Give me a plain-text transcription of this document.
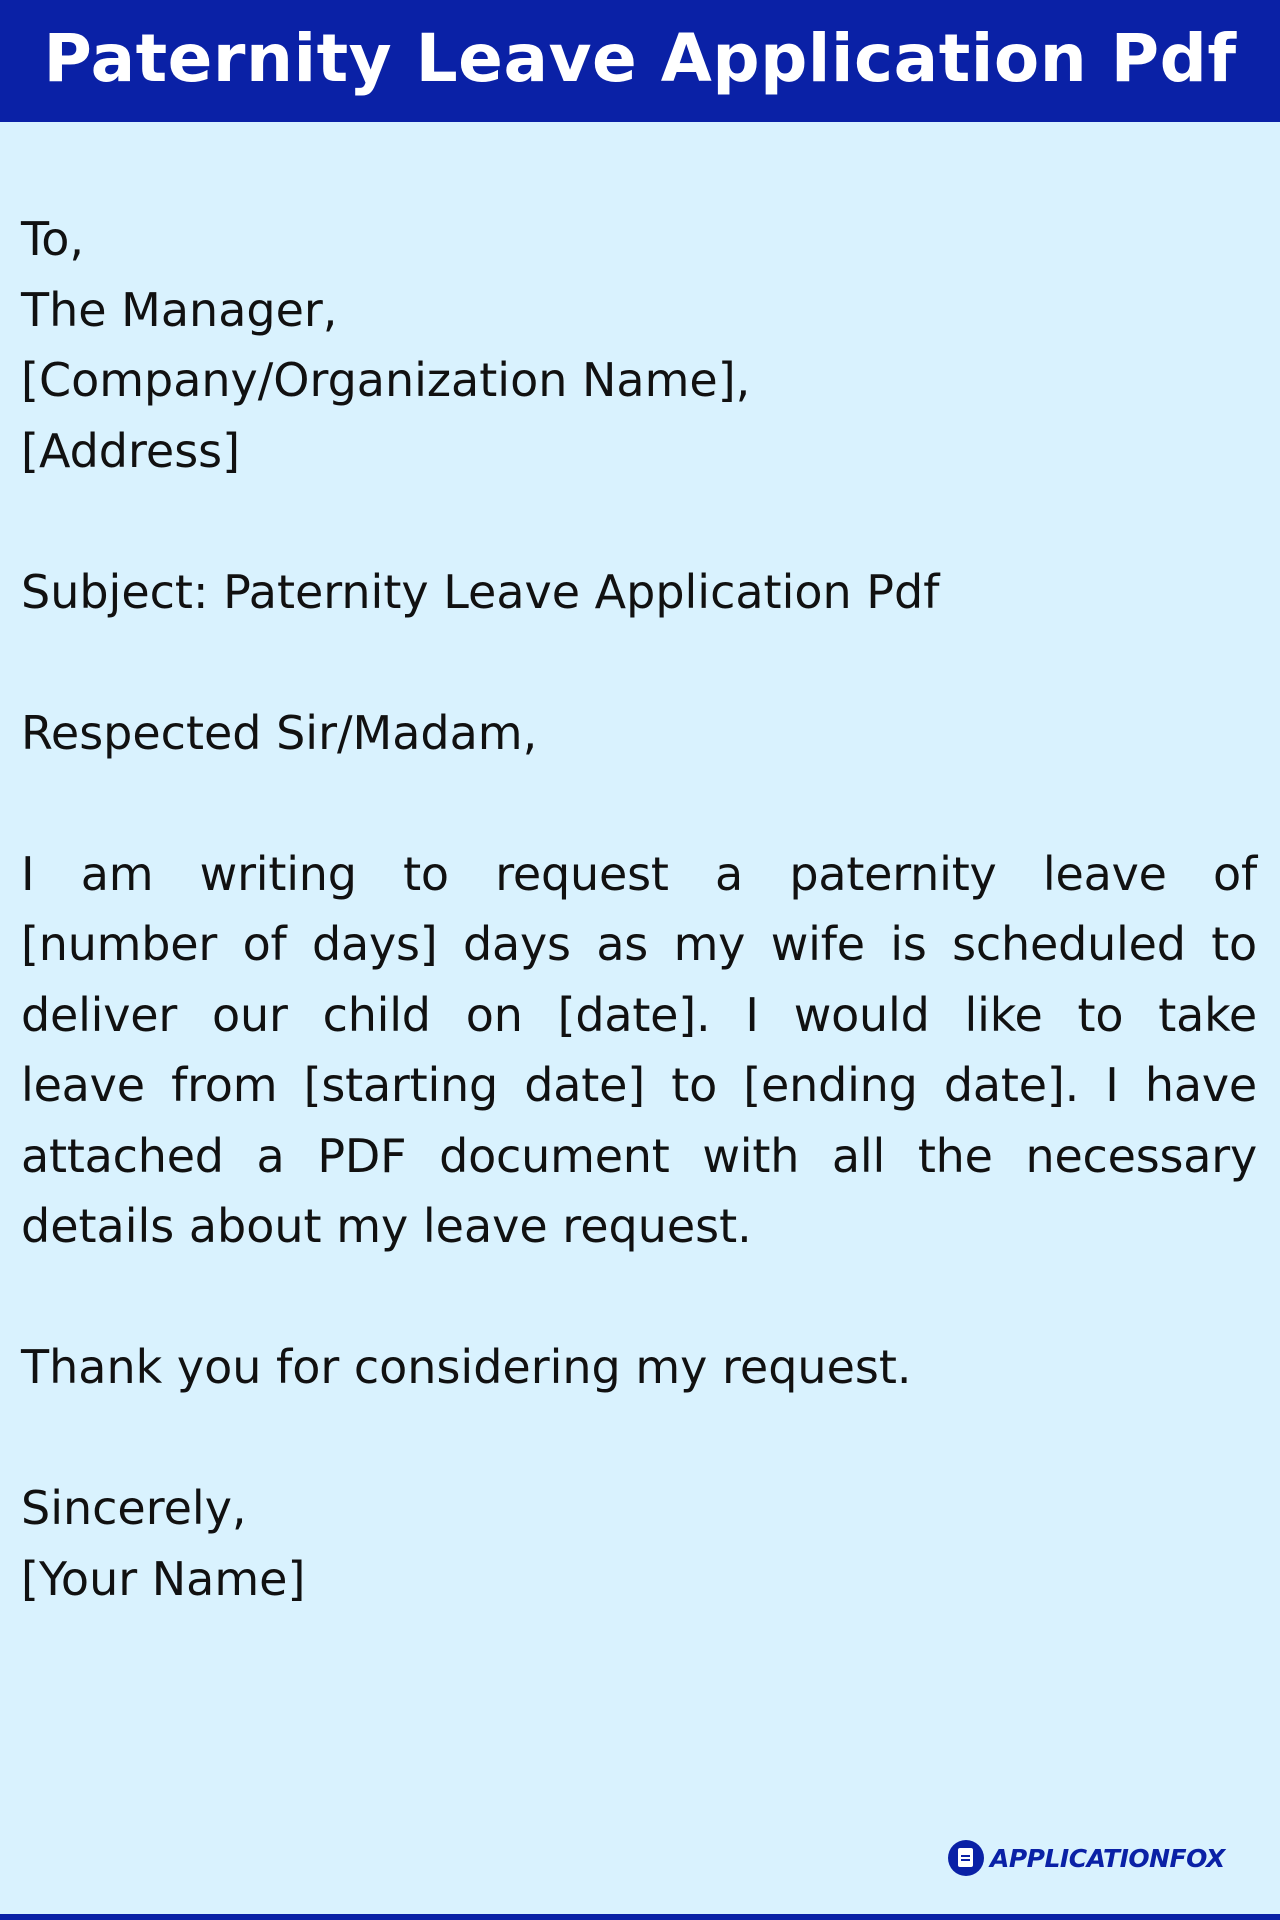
Paternity Leave Application Pdf
To,
The Manager,
[Company/Organization Name],
[Address]
Subject: Paternity Leave Application Pdf
Respected Sir/Madam,
I am writing to request a paternity leave of
[number of days] days as my wife is scheduled to
deliver our child on [date]. I would like to take
leave from [starting date] to [ending date]. I have
attached a PDF document with all the necessary
details about my leave request.
Thank you for considering my request.
Sincerely,
[Your Name]
APPLICATIONFOX
